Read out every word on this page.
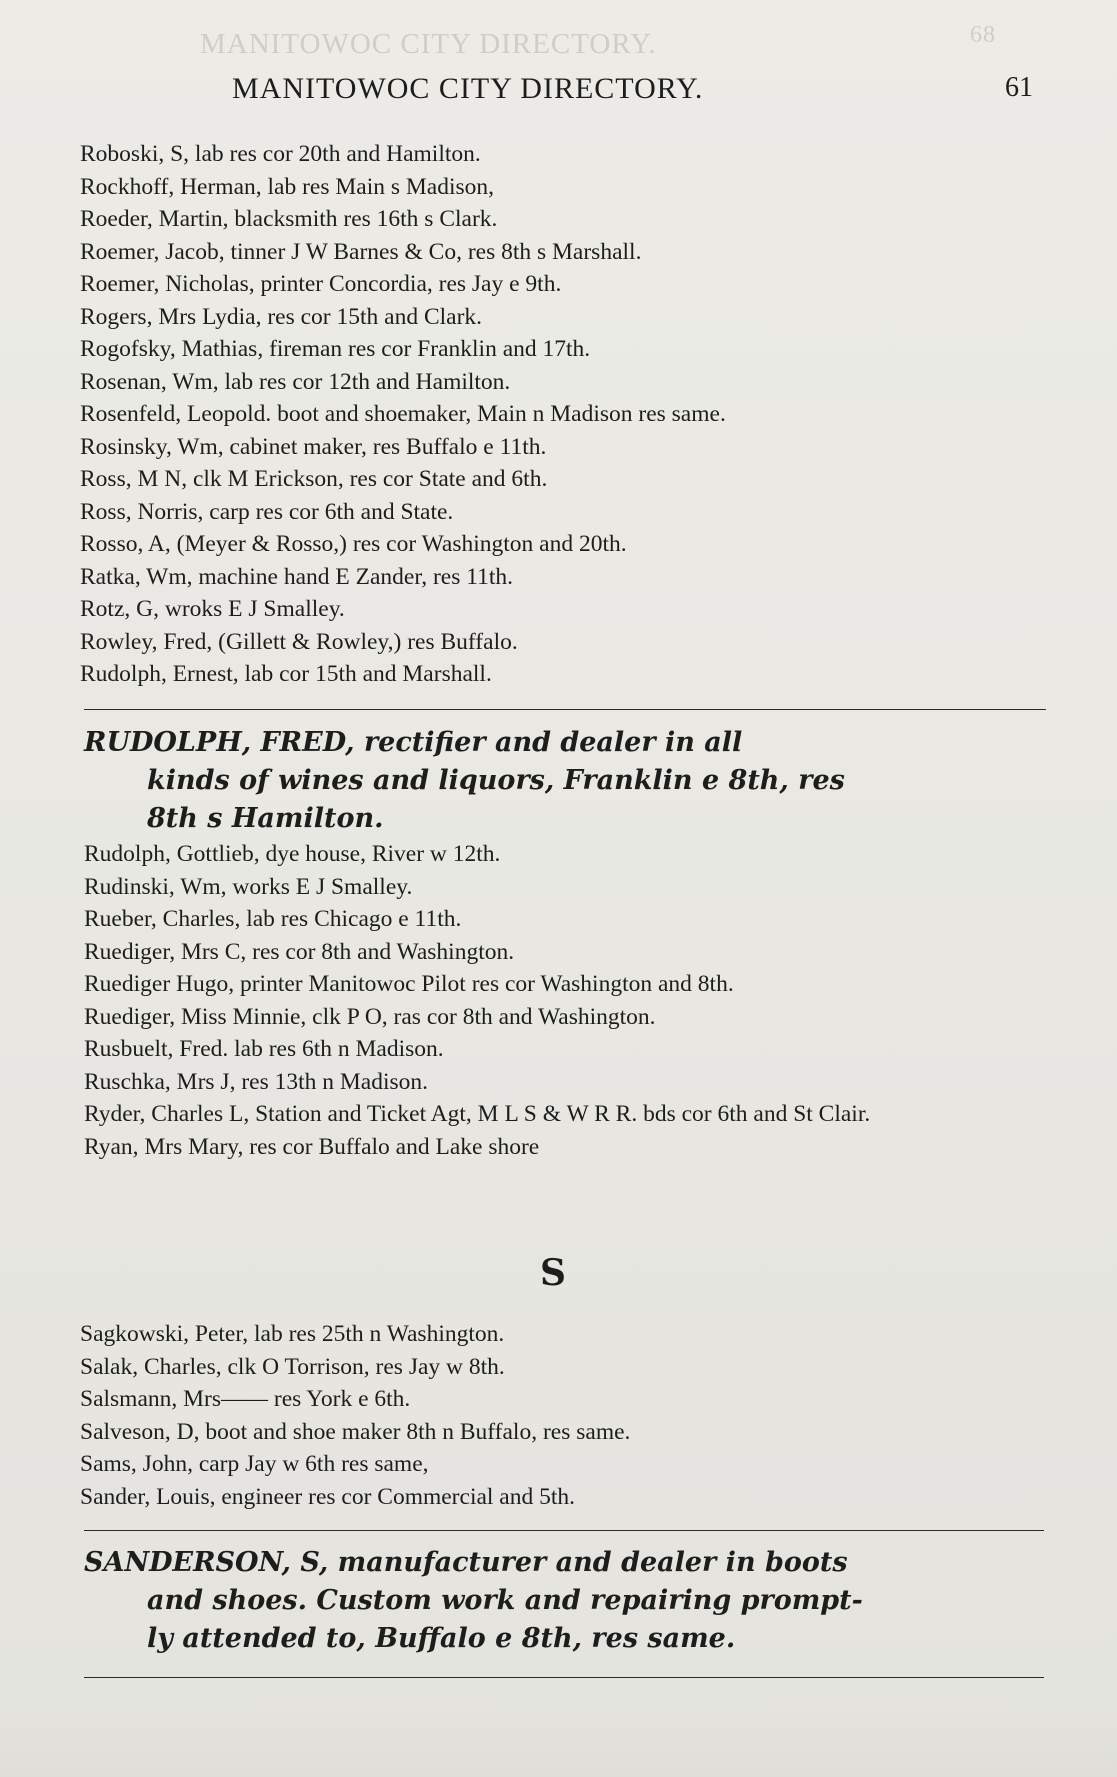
MANITOWOC CITY DIRECTORY.	68
MANITOWOC CITY DIRECTORY.	61
Roboski, S, lab res cor 20th and Hamilton.
Rockhoff, Herman, lab res Main s Madison,
Roeder, Martin, blacksmith res 16th s Clark.
Roemer, Jacob, tinner J W Barnes & Co, res 8th s Marshall.
Roemer, Nicholas, printer Concordia, res Jay e 9th.
Rogers, Mrs Lydia, res cor 15th and Clark.
Rogofsky, Mathias, fireman res cor Franklin and 17th.
Rosenan, Wm, lab res cor 12th and Hamilton.
Rosenfeld, Leopold. boot and shoemaker, Main n Madison res same.
Rosinsky, Wm, cabinet maker, res Buffalo e 11th.
Ross, M N, clk M Erickson, res cor State and 6th.
Ross, Norris, carp res cor 6th and State.
Rosso, A, (Meyer & Rosso,) res cor Washington and 20th.
Ratka, Wm, machine hand E Zander, res 11th.
Rotz, G, wroks E J Smalley.
Rowley, Fred, (Gillett & Rowley,) res Buffalo.
Rudolph, Ernest, lab cor 15th and Marshall.
RUDOLPH, FRED, rectifier and dealer in all
kinds of wines and liquors, Franklin e 8th, res
8th s Hamilton.
Rudolph, Gottlieb, dye house, River w 12th.
Rudinski, Wm, works E J Smalley.
Rueber, Charles, lab res Chicago e 11th.
Ruediger, Mrs C, res cor 8th and Washington.
Ruediger Hugo, printer Manitowoc Pilot res cor Washington and 8th.
Ruediger, Miss Minnie, clk P O, ras cor 8th and Washington.
Rusbuelt, Fred. lab res 6th n Madison.
Ruschka, Mrs J, res 13th n Madison.
Ryder, Charles L, Station and Ticket Agt, M L S & W R R. bds cor 6th and St Clair.
Ryan, Mrs Mary, res cor Buffalo and Lake shore
S
Sagkowski, Peter, lab res 25th n Washington.
Salak, Charles, clk O Torrison, res Jay w 8th.
Salsmann, Mrs—— res York e 6th.
Salveson, D, boot and shoe maker 8th n Buffalo, res same.
Sams, John, carp Jay w 6th res same,
Sander, Louis, engineer res cor Commercial and 5th.
SANDERSON, S, manufacturer and dealer in boots
and shoes. Custom work and repairing prompt-
ly attended to, Buffalo e 8th, res same.
